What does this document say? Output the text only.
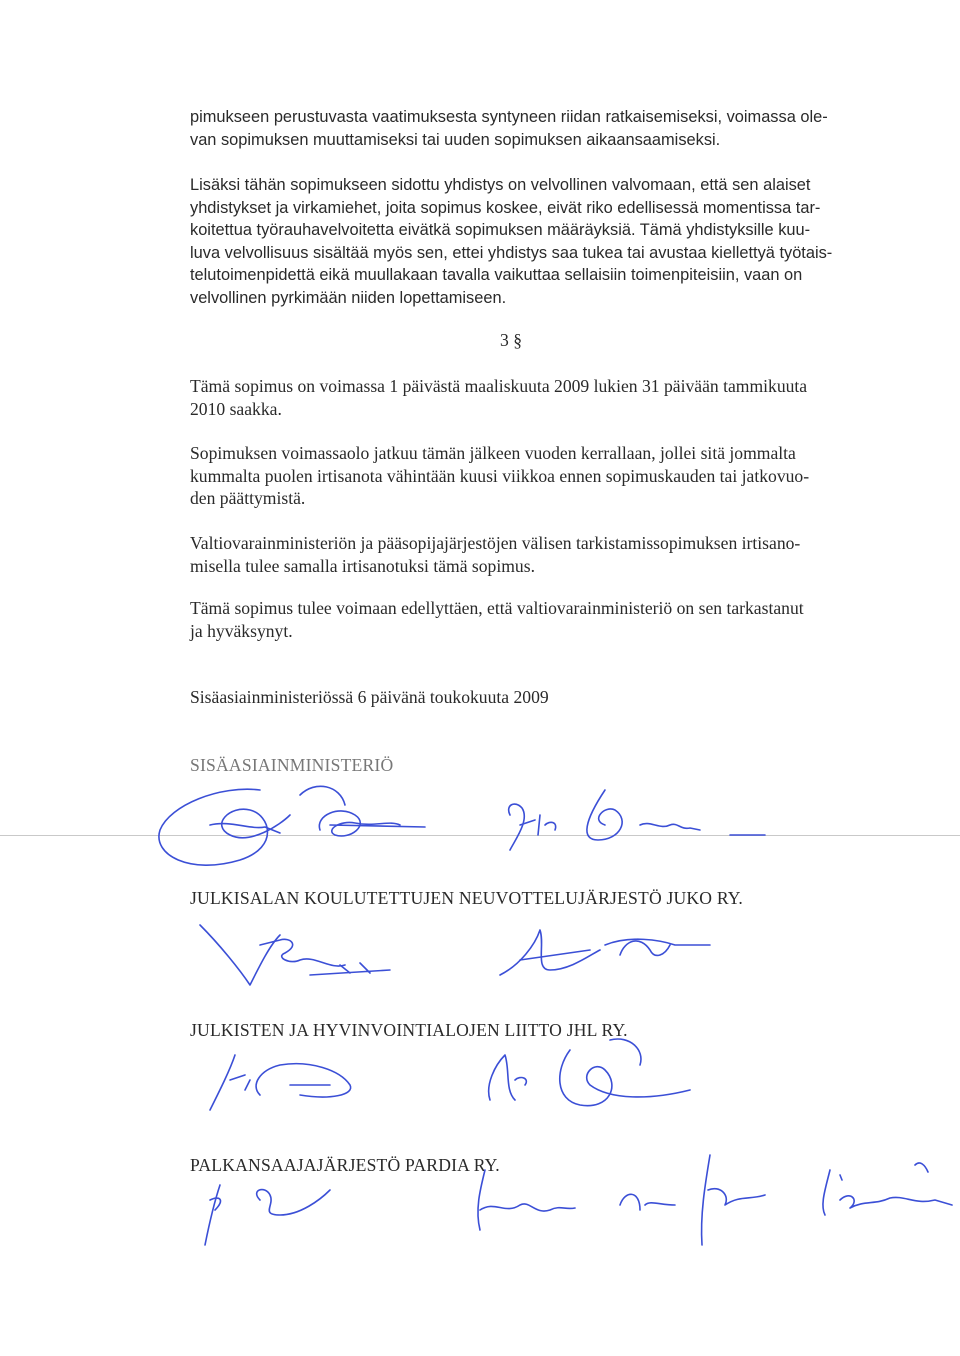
pimukseen perustuvasta vaatimuksesta syntyneen riidan ratkaisemiseksi, voimassa ole-
van sopimuksen muuttamiseksi tai uuden sopimuksen aikaansaamiseksi.
Lisäksi tähän sopimukseen sidottu yhdistys on velvollinen valvomaan, että sen alaiset
yhdistykset ja virkamiehet, joita sopimus koskee, eivät riko edellisessä momentissa tar-
koitettua työrauhavelvoitetta eivätkä sopimuksen määräyksiä. Tämä yhdistyksille kuu-
luva velvollisuus sisältää myös sen, ettei yhdistys saa tukea tai avustaa kiellettyä työtais-
telutoimenpidettä eikä muullakaan tavalla vaikuttaa sellaisiin toimenpiteisiin, vaan on
velvollinen pyrkimään niiden lopettamiseen.
3 §
Tämä sopimus on voimassa 1 päivästä maaliskuuta 2009 lukien 31 päivään tammikuuta
2010 saakka.
Sopimuksen voimassaolo jatkuu tämän jälkeen vuoden kerrallaan, jollei sitä jommalta
kummalta puolen irtisanota vähintään kuusi viikkoa ennen sopimuskauden tai jatkovuo-
den päättymistä.
Valtiovarainministeriön ja pääsopijajärjestöjen välisen tarkistamissopimuksen irtisano-
misella tulee samalla irtisanotuksi tämä sopimus.
Tämä sopimus tulee voimaan edellyttäen, että valtiovarainministeriö on sen tarkastanut
ja hyväksynyt.
Sisäasiainministeriössä 6 päivänä toukokuuta 2009
SISÄASIAINMINISTERIÖ
JULKISALAN KOULUTETTUJEN NEUVOTTELUJÄRJESTÖ JUKO RY.
JULKISTEN JA HYVINVOINTIALOJEN LIITTO JHL RY.
PALKANSAAJAJÄRJESTÖ PARDIA RY.
